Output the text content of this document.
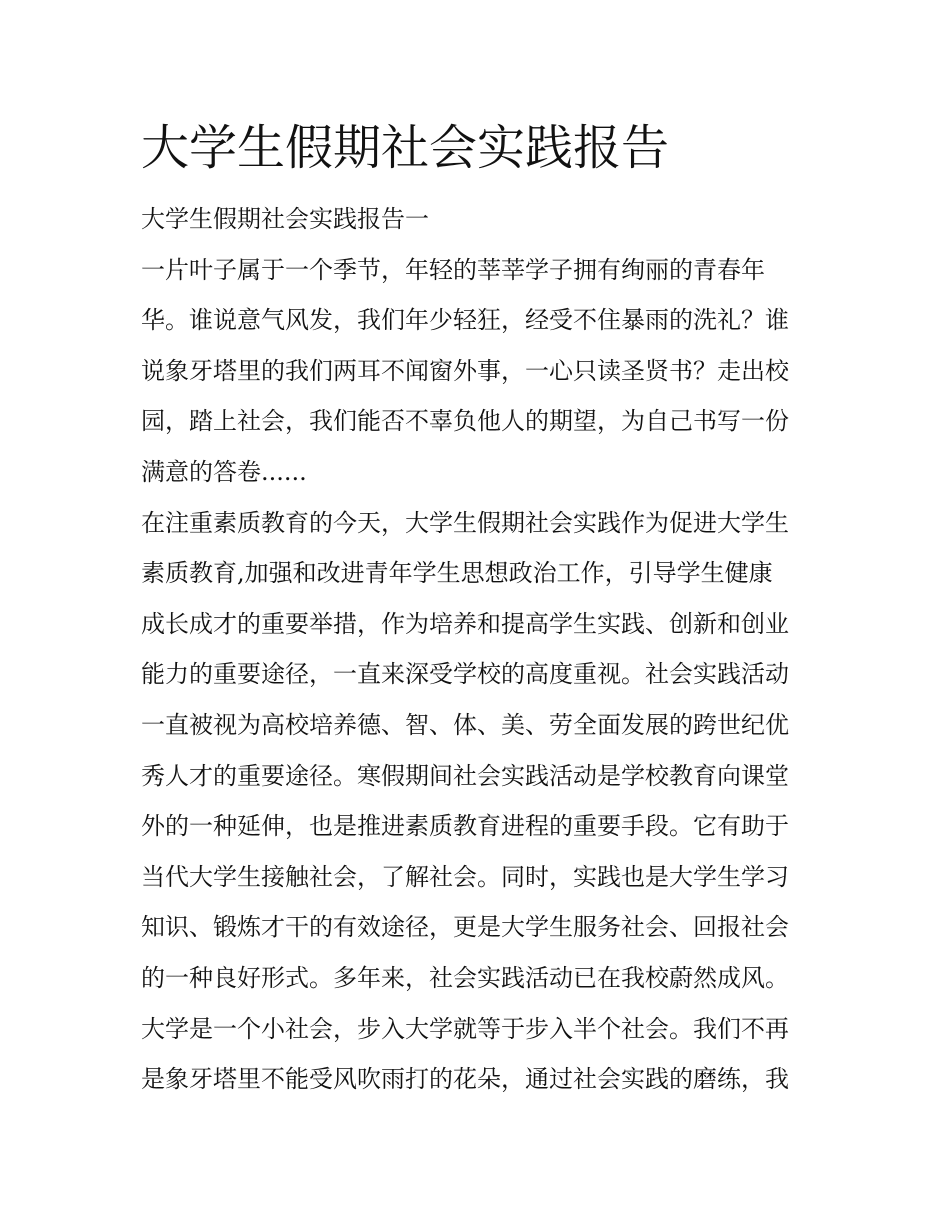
大学生假期社会实践报告

大学生假期社会实践报告一

一片叶子属于一个季节，年轻的莘莘学子拥有绚丽的青春年

华。谁说意气风发，我们年少轻狂，经受不住暴雨的洗礼？谁

说象牙塔里的我们两耳不闻窗外事，一心只读圣贤书？走出校

园，踏上社会，我们能否不辜负他人的期望，为自己书写一份

满意的答卷......

在注重素质教育的今天，大学生假期社会实践作为促进大学生

素质教育,加强和改进青年学生思想政治工作，引导学生健康

成长成才的重要举措，作为培养和提高学生实践、创新和创业

能力的重要途径，一直来深受学校的高度重视。社会实践活动

一直被视为高校培养德、智、体、美、劳全面发展的跨世纪优

秀人才的重要途径。寒假期间社会实践活动是学校教育向课堂

外的一种延伸，也是推进素质教育进程的重要手段。它有助于

当代大学生接触社会，了解社会。同时，实践也是大学生学习

知识、锻炼才干的有效途径，更是大学生服务社会、回报社会

的一种良好形式。多年来，社会实践活动已在我校蔚然成风。

大学是一个小社会，步入大学就等于步入半个社会。我们不再

是象牙塔里不能受风吹雨打的花朵，通过社会实践的磨练，我
